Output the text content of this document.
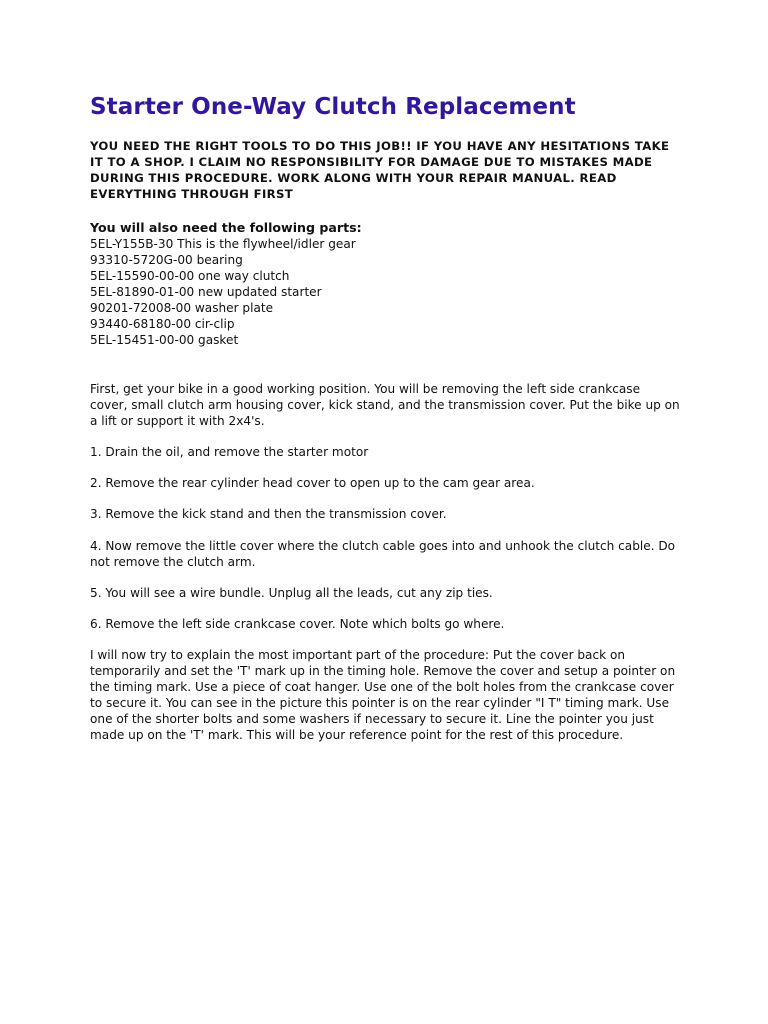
Starter One-Way Clutch Replacement

YOU NEED THE RIGHT TOOLS TO DO THIS JOB!! IF YOU HAVE ANY HESITATIONS TAKE IT TO A SHOP. I CLAIM NO RESPONSIBILITY FOR DAMAGE DUE TO MISTAKES MADE DURING THIS PROCEDURE. WORK ALONG WITH YOUR REPAIR MANUAL. READ EVERYTHING THROUGH FIRST

You will also need the following parts:
5EL-Y155B-30 This is the flywheel/idler gear
93310-5720G-00 bearing
5EL-15590-00-00 one way clutch
5EL-81890-01-00 new updated starter
90201-72008-00 washer plate
93440-68180-00 cir-clip
5EL-15451-00-00 gasket

First, get your bike in a good working position. You will be removing the left side crankcase cover, small clutch arm housing cover, kick stand, and the transmission cover. Put the bike up on a lift or support it with 2x4's.

1. Drain the oil, and remove the starter motor

2. Remove the rear cylinder head cover to open up to the cam gear area.

3. Remove the kick stand and then the transmission cover.

4. Now remove the little cover where the clutch cable goes into and unhook the clutch cable. Do not remove the clutch arm.

5. You will see a wire bundle. Unplug all the leads, cut any zip ties.

6. Remove the left side crankcase cover. Note which bolts go where.

I will now try to explain the most important part of the procedure: Put the cover back on temporarily and set the 'T' mark up in the timing hole. Remove the cover and setup a pointer on the timing mark. Use a piece of coat hanger. Use one of the bolt holes from the crankcase cover to secure it. You can see in the picture this pointer is on the rear cylinder "I T" timing mark. Use one of the shorter bolts and some washers if necessary to secure it. Line the pointer you just made up on the 'T' mark. This will be your reference point for the rest of this procedure.
